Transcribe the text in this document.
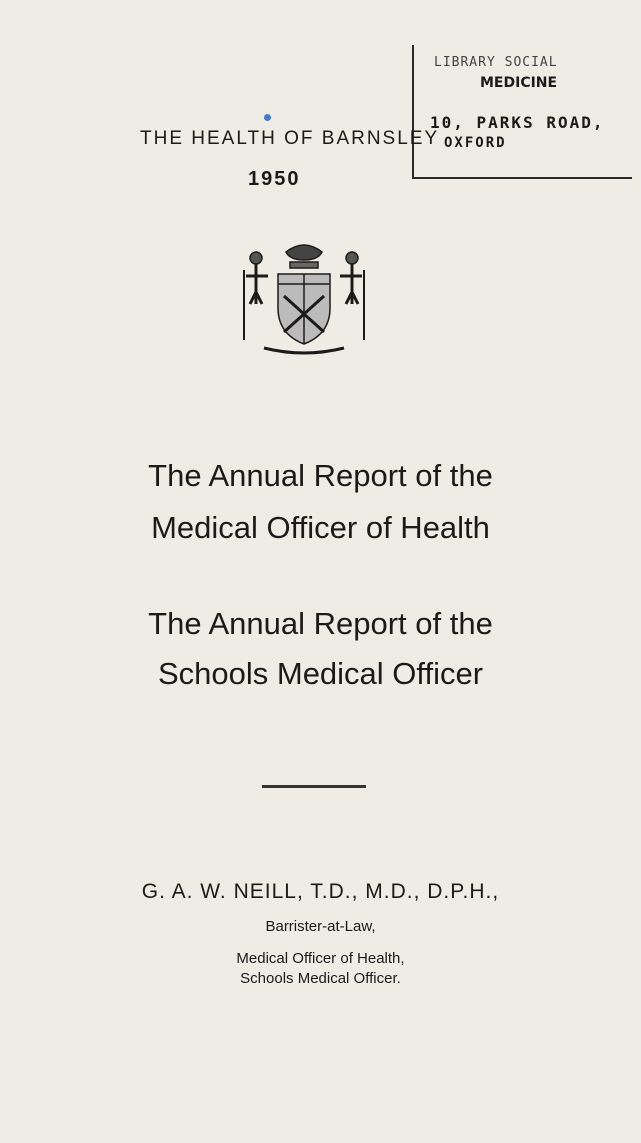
LIBRARY SOCIAL
MEDICINE
10, PARKS ROAD,
OXFORD
THE HEALTH OF BARNSLEY
1950
The Annual Report of the
Medical Officer of Health
The Annual Report of the
Schools Medical Officer
G. A. W. NEILL, T.D., M.D., D.P.H.,
Barrister-at-Law,
Medical Officer of Health,
Schools Medical Officer.
